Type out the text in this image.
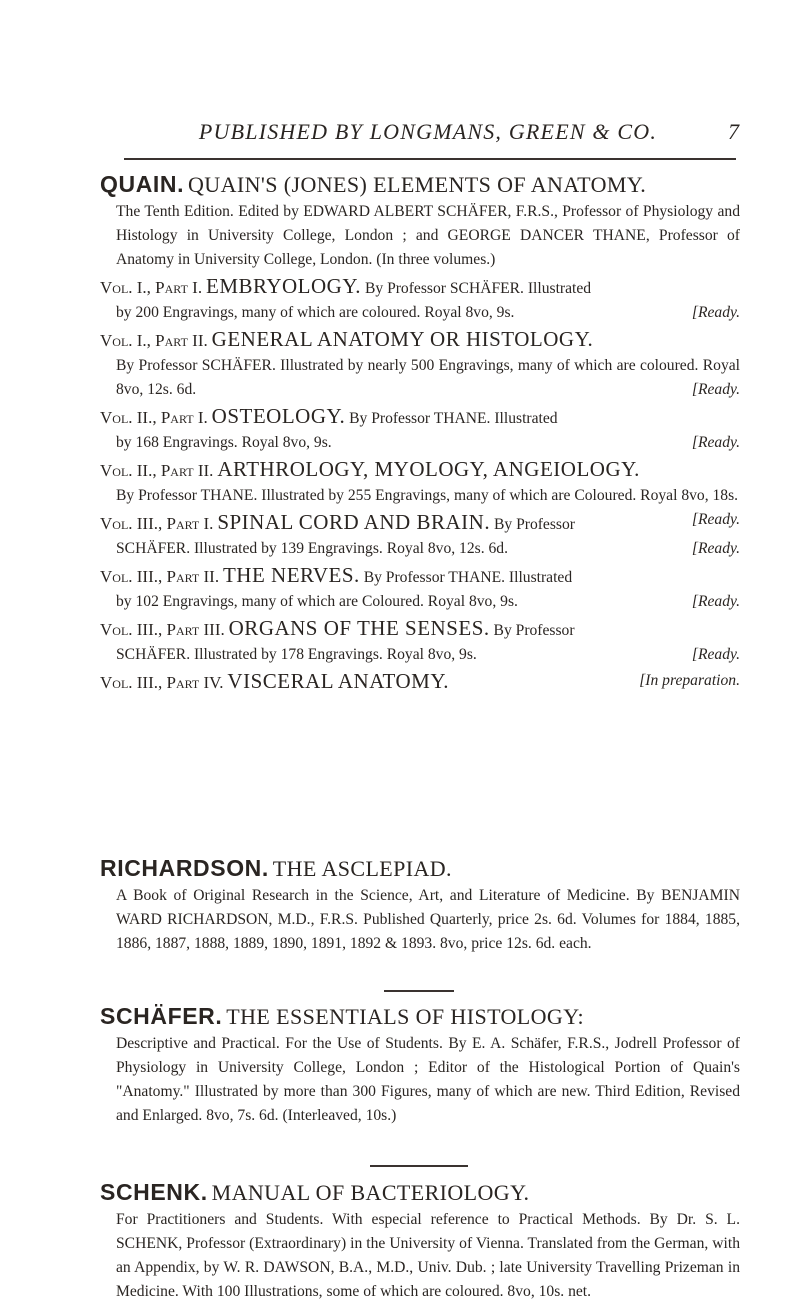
PUBLISHED BY LONGMANS, GREEN & CO.	7
QUAIN. QUAIN'S (JONES) ELEMENTS OF ANATOMY.
The Tenth Edition. Edited by EDWARD ALBERT SCHÄFER, F.R.S., Professor of Physiology and Histology in University College, London ; and GEORGE DANCER THANE, Professor of Anatomy in University College, London. (In three volumes.)
Vol. I., Part I. EMBRYOLOGY. By Professor SCHÄFER. Illustrated
by 200 Engravings, many of which are coloured. Royal 8vo, 9s.	[Ready.
Vol. I., Part II. GENERAL ANATOMY OR HISTOLOGY.
By Professor SCHÄFER. Illustrated by nearly 500 Engravings, many of which are coloured. Royal 8vo, 12s. 6d.	[Ready.
Vol. II., Part I. OSTEOLOGY. By Professor THANE. Illustrated
by 168 Engravings. Royal 8vo, 9s.	[Ready.
Vol. II., Part II. ARTHROLOGY, MYOLOGY, ANGEIOLOGY.
By Professor THANE. Illustrated by 255 Engravings, many of which are Coloured. Royal 8vo, 18s.
[Ready.
Vol. III., Part I. SPINAL CORD AND BRAIN. By Professor
SCHÄFER. Illustrated by 139 Engravings. Royal 8vo, 12s. 6d.	[Ready.
Vol. III., Part II. THE NERVES. By Professor THANE. Illustrated
by 102 Engravings, many of which are Coloured. Royal 8vo, 9s.	[Ready.
Vol. III., Part III. ORGANS OF THE SENSES. By Professor
SCHÄFER. Illustrated by 178 Engravings. Royal 8vo, 9s.	[Ready.
Vol. III., Part IV. VISCERAL ANATOMY.	[In preparation.
RICHARDSON. THE ASCLEPIAD.
A Book of Original Research in the Science, Art, and Literature of Medicine. By BENJAMIN WARD RICHARDSON, M.D., F.R.S. Published Quarterly, price 2s. 6d. Volumes for 1884, 1885, 1886, 1887, 1888, 1889, 1890, 1891, 1892 & 1893. 8vo, price 12s. 6d. each.
SCHÄFER. THE ESSENTIALS OF HISTOLOGY:
Descriptive and Practical. For the Use of Students. By E. A. Schäfer, F.R.S., Jodrell Professor of Physiology in University College, London ; Editor of the Histological Portion of Quain's "Anatomy." Illustrated by more than 300 Figures, many of which are new. Third Edition, Revised and Enlarged. 8vo, 7s. 6d. (Interleaved, 10s.)
SCHENK. MANUAL OF BACTERIOLOGY.
For Practitioners and Students. With especial reference to Practical Methods. By Dr. S. L. SCHENK, Professor (Extraordinary) in the University of Vienna. Translated from the German, with an Appendix, by W. R. DAWSON, B.A., M.D., Univ. Dub. ; late University Travelling Prizeman in Medicine. With 100 Illustrations, some of which are coloured. 8vo, 10s. net.
